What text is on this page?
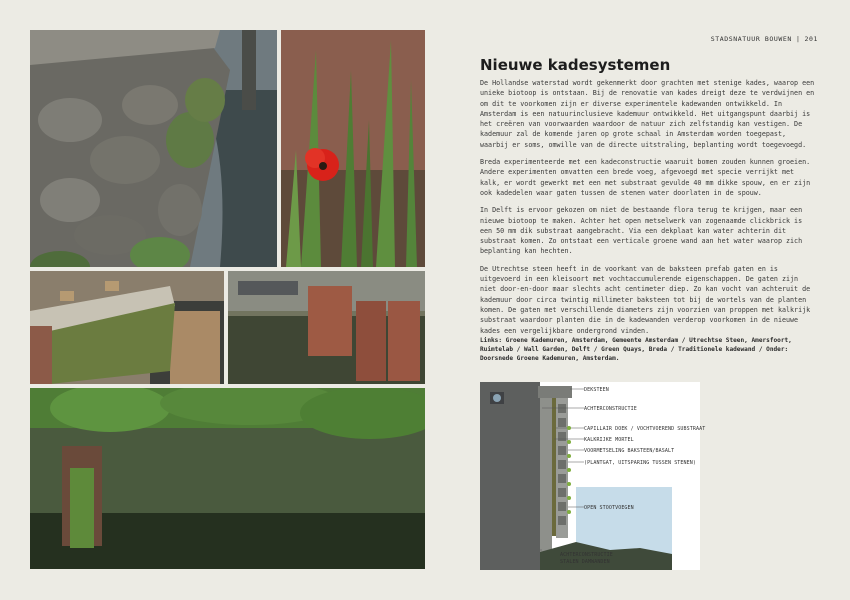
STADSNATUUR BOUWEN | 201
Nieuwe kadesystemen

De Hollandse waterstad wordt gekenmerkt door grachten met stenige kades, waarop een unieke biotoop is ontstaan. Bij de renovatie van kades dreigt deze te verdwijnen en om dit te voorkomen zijn er diverse experimentele kadewanden ontwikkeld. In Amsterdam is een natuurinclusieve kademuur ontwikkeld. Het uitgangspunt daarbij is het creëren van voorwaarden waardoor de natuur zich zelfstandig kan vestigen. De kademuur zal de komende jaren op grote schaal in Amsterdam worden toegepast, waarbij er soms, omwille van de directe uitstraling, beplanting wordt toegevoegd.

Breda experimenteerde met een kadeconstructie waaruit bomen zouden kunnen groeien. Andere experimenten omvatten een brede voeg, afgevoegd met specie verrijkt met kalk, er wordt gewerkt met een met substraat gevulde 40 mm dikke spouw, en er zijn ook kadedelen waar gaten tussen de stenen water doorlaten in de spouw.

In Delft is ervoor gekozen om niet de bestaande flora terug te krijgen, maar een nieuwe biotoop te maken. Achter het open metselwerk van zogenaamde clickbrick is een 50 mm dik substraat aangebracht. Via een dekplaat kan water achterin dit substraat komen. Zo ontstaat een verticale groene wand aan het water waarop zich beplanting kan hechten.

De Utrechtse steen heeft in de voorkant van de baksteen prefab gaten en is uitgevoerd in een kleisoort met vochtaccumulerende eigenschappen. De gaten zijn niet door-en-door maar slechts acht centimeter diep. Zo kan vocht van achteruit de kademuur door circa twintig millimeter baksteen tot bij de wortels van de planten komen. De gaten met verschillende diameters zijn voorzien van proppen met kalkrijk substraat waardoor planten die in de kadewanden verderop voorkomen in de nieuwe kades een vergelijkbare ondergrond vinden.

Links: Groene Kademuren, Amsterdam, Gemeente Amsterdam / Utrechtse Steen, Amersfoort, Ruimtelab / Wall Garden, Delft / Green Quays, Breda / Traditionele kadewand / Onder: Doorsnede Groene Kademuren, Amsterdam.

DEKSTEEN
ACHTERCONSTRUCTIE
CAPILLAIR DOEK / VOCHTVOEREND SUBSTRAAT
KALKRIJKE MORTEL
VOORMETSELING BAKSTEEN/BASALT
(PLANTGAT, UITSPARING TUSSEN STENEN)
OPEN STOOTVOEGEN
ACHTERCONSTRUCTIE
STALEN DAMWANDEN
